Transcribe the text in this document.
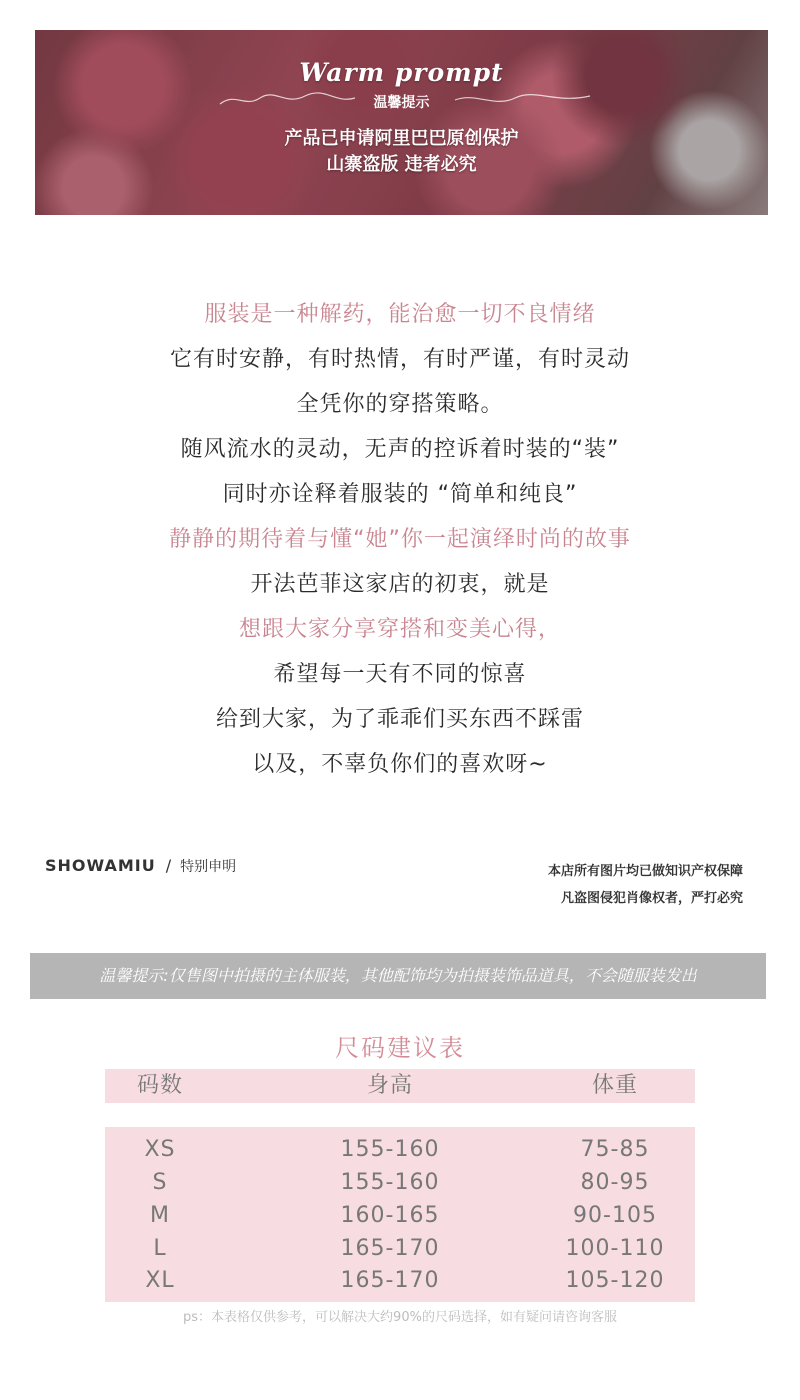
Warm prompt
温馨提示
产品已申请阿里巴巴原创保护
山寨盗版 违者必究
服装是一种解药，能治愈一切不良情绪
它有时安静，有时热情，有时严谨，有时灵动
全凭你的穿搭策略。
随风流水的灵动，无声的控诉着时装的“装”
同时亦诠释着服装的 “简单和纯良”
静静的期待着与懂“她”你一起演绎时尚的故事
开法芭菲这家店的初衷，就是
想跟大家分享穿搭和变美心得，
希望每一天有不同的惊喜
给到大家，为了乖乖们买东西不踩雷
以及，不辜负你们的喜欢呀~
SHOWAMIU / 特别申明	本店所有图片均已做知识产权保障
凡盗图侵犯肖像权者，严打必究
温馨提示:仅售图中拍摄的主体服装，其他配饰均为拍摄装饰品道具，不会随服装发出
尺码建议表
码数	身高	体重
XS	155-160	75-85
S	155-160	80-95
M	160-165	90-105
L	165-170	100-110
XL	165-170	105-120
ps：本表格仅供参考，可以解决大约90%的尺码选择，如有疑问请咨询客服
